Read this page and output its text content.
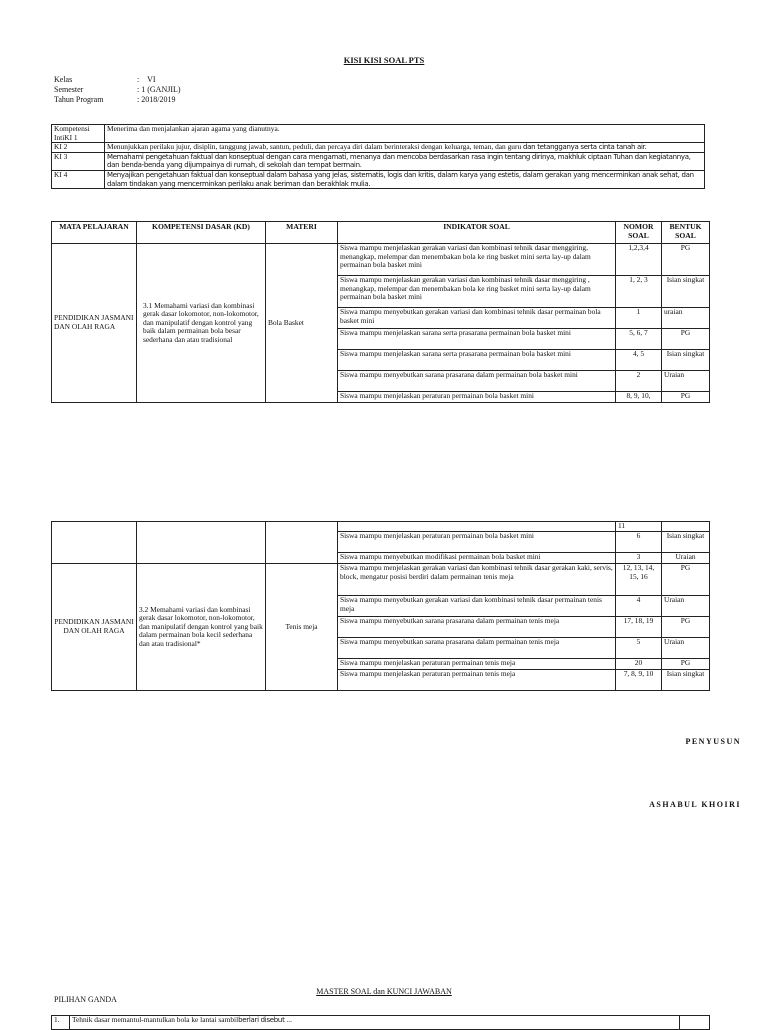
KISI KISI SOAL PTS
Kelas	:    VI
Semester	: 1 (GANJIL)
Tahun Program	: 2018/2019
Kompetensi IntiKI 1	Menerima dan menjalankan ajaran agama yang dianutnya.
KI 2	Menunjukkan perilaku jujur, disiplin, tanggung jawab, santun, peduli, dan percaya diri dalam berinteraksi dengan keluarga, teman, dan guru dan tetangganya serta cinta tanah air.
KI 3	Memahami pengetahuan faktual dan konseptual dengan cara mengamati, menanya dan mencoba berdasarkan rasa ingin tentang dirinya, makhluk ciptaan Tuhan dan kegiatannya, dan benda-benda yang dijumpainya di rumah, di sekolah dan tempat bermain.
KI 4	Menyajikan pengetahuan faktual dan konseptual dalam bahasa yang jelas, sistematis, logis dan kritis, dalam karya yang estetis, dalam gerakan yang mencerminkan anak sehat, dan dalam tindakan yang mencerminkan perilaku anak beriman dan berakhlak mulia.
MATA PELAJARAN	KOMPETENSI DASAR (KD)	MATERI	INDIKATOR SOAL	NOMOR SOAL	BENTUK SOAL
PENDIDIKAN JASMANI DAN OLAH RAGA	3.1 Memahami variasi dan kombinasi gerak dasar lokomotor, non-lokomotor, dan manipulatif dengan kontrol yang baik dalam permainan bola besar sederhana dan atau tradisional	Bola Basket	Siswa mampu menjelaskan gerakan variasi dan kombinasi tehnik dasar menggiring, menangkap, melempar dan menembakan bola ke ring basket mini serta lay-up dalam permainan bola basket mini	1,2,3,4	PG
			Siswa mampu menjelaskan gerakan variasi dan kombinasi tehnik dasar menggiring , menangkap, melempar dan menembakan bola ke ring basket mini serta lay-up dalam permainan bola basket mini	1, 2, 3	Isian singkat
			Siswa mampu menyebutkan gerakan variasi dan kombinasi tehnik dasar permainan bola basket mini	1	uraian
			Siswa mampu menjelaskan sarana serta prasarana permainan bola basket mini	5, 6, 7	PG
			Siswa mampu menjelaskan sarana serta prasarana permainan bola basket mini	4, 5	Isian singkat
			Siswa mampu menyebutkan sarana prasarana dalam permainan bola basket mini	2	Uraian
			Siswa mampu menjelaskan peraturan permainan bola basket mini	8, 9, 10,	PG
				11	
			Siswa mampu menjelaskan peraturan permainan bola basket mini	6	Isian singkat
			Siswa mampu menyebutkan modifikasi permainan bola basket mini	3	Uraian
PENDIDIKAN JASMANI DAN OLAH RAGA	3.2 Memahami variasi dan kombinasi gerak dasar lokomotor, non-lokomotor, dan manipulatif dengan kontrol yang baik dalam permainan bola kecil sederhana dan atau tradisional*	Tenis meja	Siswa mampu menjelaskan gerakan variasi dan kombinasi tehnik dasar gerakan kaki, servis, block, mengatur posisi berdiri dalam permainan tenis meja	12, 13, 14, 15, 16	PG
			Siswa mampu menyebutkan gerakan variasi dan kombinasi tehnik dasar permainan tenis meja	4	Uraian
			Siswa mampu menyebutkan sarana prasarana dalam permainan tenis meja	17, 18, 19	PG
			Siswa mampu menyebutkan sarana prasarana dalam permainan tenis meja	5	Uraian
			Siswa mampu menjelaskan peraturan permainan tenis meja	20	PG
			Siswa mampu menjelaskan peraturan permainan tenis meja	7, 8, 9, 10	Isian singkat
PENYUSUN
ASHABUL KHOIRI
MASTER SOAL dan KUNCI JAWABAN
PILIHAN GANDA
1.	Tehnik dasar memantul-mantulkan bola ke lantai sambilberlari disebut ...	
